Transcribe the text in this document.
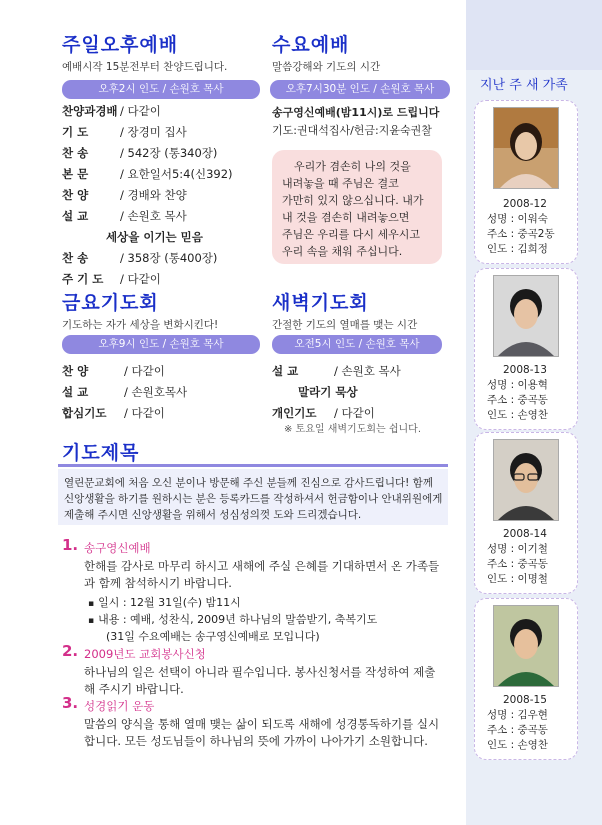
주일오후예배
예배시작 15분전부터 찬양드립니다.
오후2시 인도 / 손원호 목사
찬양과경배 / 다같이
기 도	/ 장경미 집사
찬 송	/ 542장 (통340장)
본 문	/ 요한일서5:4(신392)
찬 양	/ 경배와 찬양
설 교	/ 손원호 목사
세상을 이기는 믿음
찬 송	/ 358장 (통400장)
주 기 도 / 다같이
수요예배
말씀강해와 기도의 시간
오후7시30분 인도 / 손원호 목사
송구영신예배(밤11시)로 드립니다
기도:권대석집사/헌금:지윤숙권찰
우리가 겸손히 나의 것을 내려놓을 때 주님은 결코 가만히 있지 않으십니다. 내가 내 것을 겸손히 내려놓으면 주님은 우리를 다시 세우시고 우리 속을 채워 주십니다.
금요기도회
기도하는 자가 세상을 변화시킨다!
오후9시 인도 / 손원호 목사
찬 양	/ 다같이
설 교	/ 손원호목사
합심기도 / 다같이
새벽기도회
간절한 기도의 열매를 맺는 시간
오전5시 인도 / 손원호 목사
설 교	/ 손원호 목사
말라기 묵상
개인기도 / 다같이
※ 토요일 새벽기도회는 쉽니다.
기도제목
열린문교회에 처음 오신 분이나 방문해 주신 분들께 진심으로 감사드립니다! 함께 신앙생활을 하기를 원하시는 분은 등록카드를 작성하셔서 헌금함이나 안내위원에게 제출해 주시면 신앙생활을 위해서 성심성의껏 도와 드리겠습니다.
1. 송구영신예배
한해를 감사로 마무리 하시고 새해에 주실 은혜를 기대하면서 온 가족들과 함께 참석하시기 바랍니다.
▪ 일시 : 12월 31일(수) 밤11시
▪ 내용 : 예배, 성찬식, 2009년 하나님의 말씀받기, 축복기도
(31일 수요예배는 송구영신예배로 모입니다)
2. 2009년도 교회봉사신청
하나님의 일은 선택이 아니라 필수입니다. 봉사신청서를 작성하여 제출해 주시기 바랍니다.
3. 성경읽기 운동
말씀의 양식을 통해 열매 맺는 삶이 되도록 새해에 성경통독하기를 실시합니다. 모든 성도님들이 하나님의 뜻에 가까이 나아가기 소원합니다.
지난 주 새 가족
2008-12
성명 : 이워숙
주소 : 중곡2동
인도 : 김희정
2008-13
성명 : 이용혁
주소 : 중곡동
인도 : 손영찬
2008-14
성명 : 이기철
주소 : 중곡동
인도 : 이명철
2008-15
성명 : 김우현
주소 : 중곡동
인도 : 손영찬
